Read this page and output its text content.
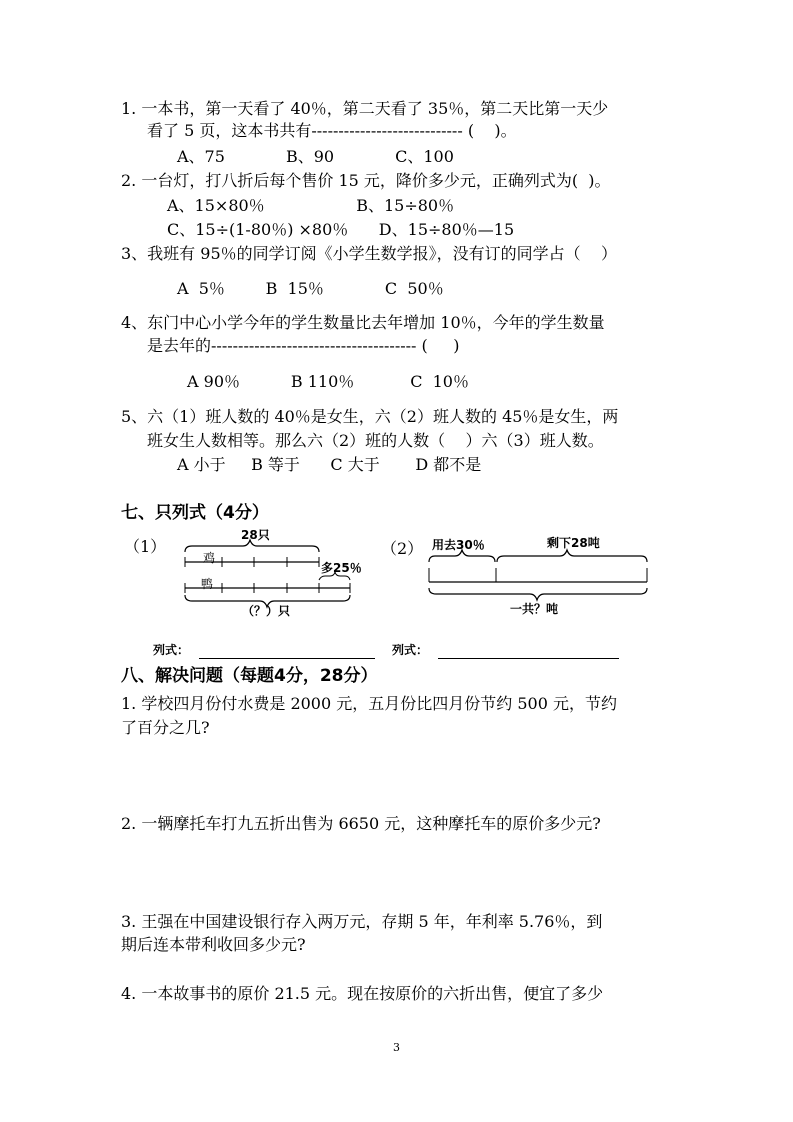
1. 一本书，第一天看了 40％，第二天看了 35％，第二天比第一天少
看了 5 页，这本书共有---------------------------- (    )。
A、75            B、90            C、100
2. 一台灯，打八折后每个售价 15 元，降价多少元，正确列式为(  )。
A、15×80％                  B、15÷80％
C、15÷(1-80％) ×80％      D、15÷80％—15
3、我班有 95％的同学订阅《小学生数学报》，没有订的同学占（    ）
A  5％        B  15％            C  50％
4、东门中心小学今年的学生数量比去年增加 10％，今年的学生数量
是去年的-------------------------------------- (     )
A 90％          B 110％           C  10％
5、六（1）班人数的 40％是女生，六（2）班人数的 45％是女生，两
班女生人数相等。那么六（2）班的人数（    ）六（3）班人数。
A 小于     B 等于      C 大于       D 都不是
七、只列式（4分）
（1）
28只
鸡
鸭
多25％
（？）只
（2） 用去30％	剩下28吨
一共？吨
列式：	列式：
八、解决问题（每题4分，28分）
1. 学校四月份付水费是 2000 元，五月份比四月份节约 500 元，节约
了百分之几?
2. 一辆摩托车打九五折出售为 6650 元，这种摩托车的原价多少元?
3. 王强在中国建设银行存入两万元，存期 5 年，年利率 5.76％，到
期后连本带利收回多少元?
4. 一本故事书的原价 21.5 元。现在按原价的六折出售，便宜了多少
3
